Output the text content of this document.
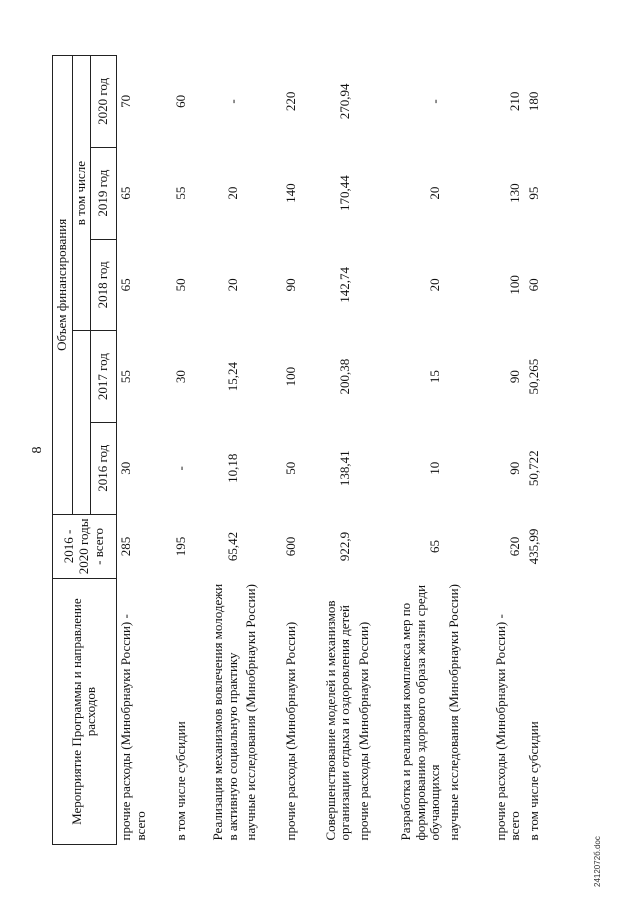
8
Мероприятие Программы и направление расходов	2016 - 2020 годы - всего	Объем финансирования				
				в том числе		
		2016 год	2017 год	2018 год	2019 год	2020 год
прочие расходы (Минобрнауки России) - всего	285	30	55	65	65	70
в том числе субсидии	195	-	30	50	55	60
Реализация механизмов вовлечения молодежи в активную социальную практику	65,42	10,18	15,24	20	20	-
научные исследования (Минобрнауки России)						
прочие расходы (Минобрнауки России)	600	50	100	90	140	220
Совершенствование моделей и механизмов организации отдыха и оздоровления детей	922,9	138,41	200,38	142,74	170,44	270,94
прочие расходы (Минобрнауки России)						
Разработка и реализация комплекса мер по формированию здорового образа жизни среди обучающихся	65	10	15	20	20	-
научные исследования (Минобрнауки России)						
прочие расходы (Минобрнауки России) - всего	620	90	90	100	130	210
в том числе субсидии	435,99	50,722	50,265	60	95	180
2412072б.doc
